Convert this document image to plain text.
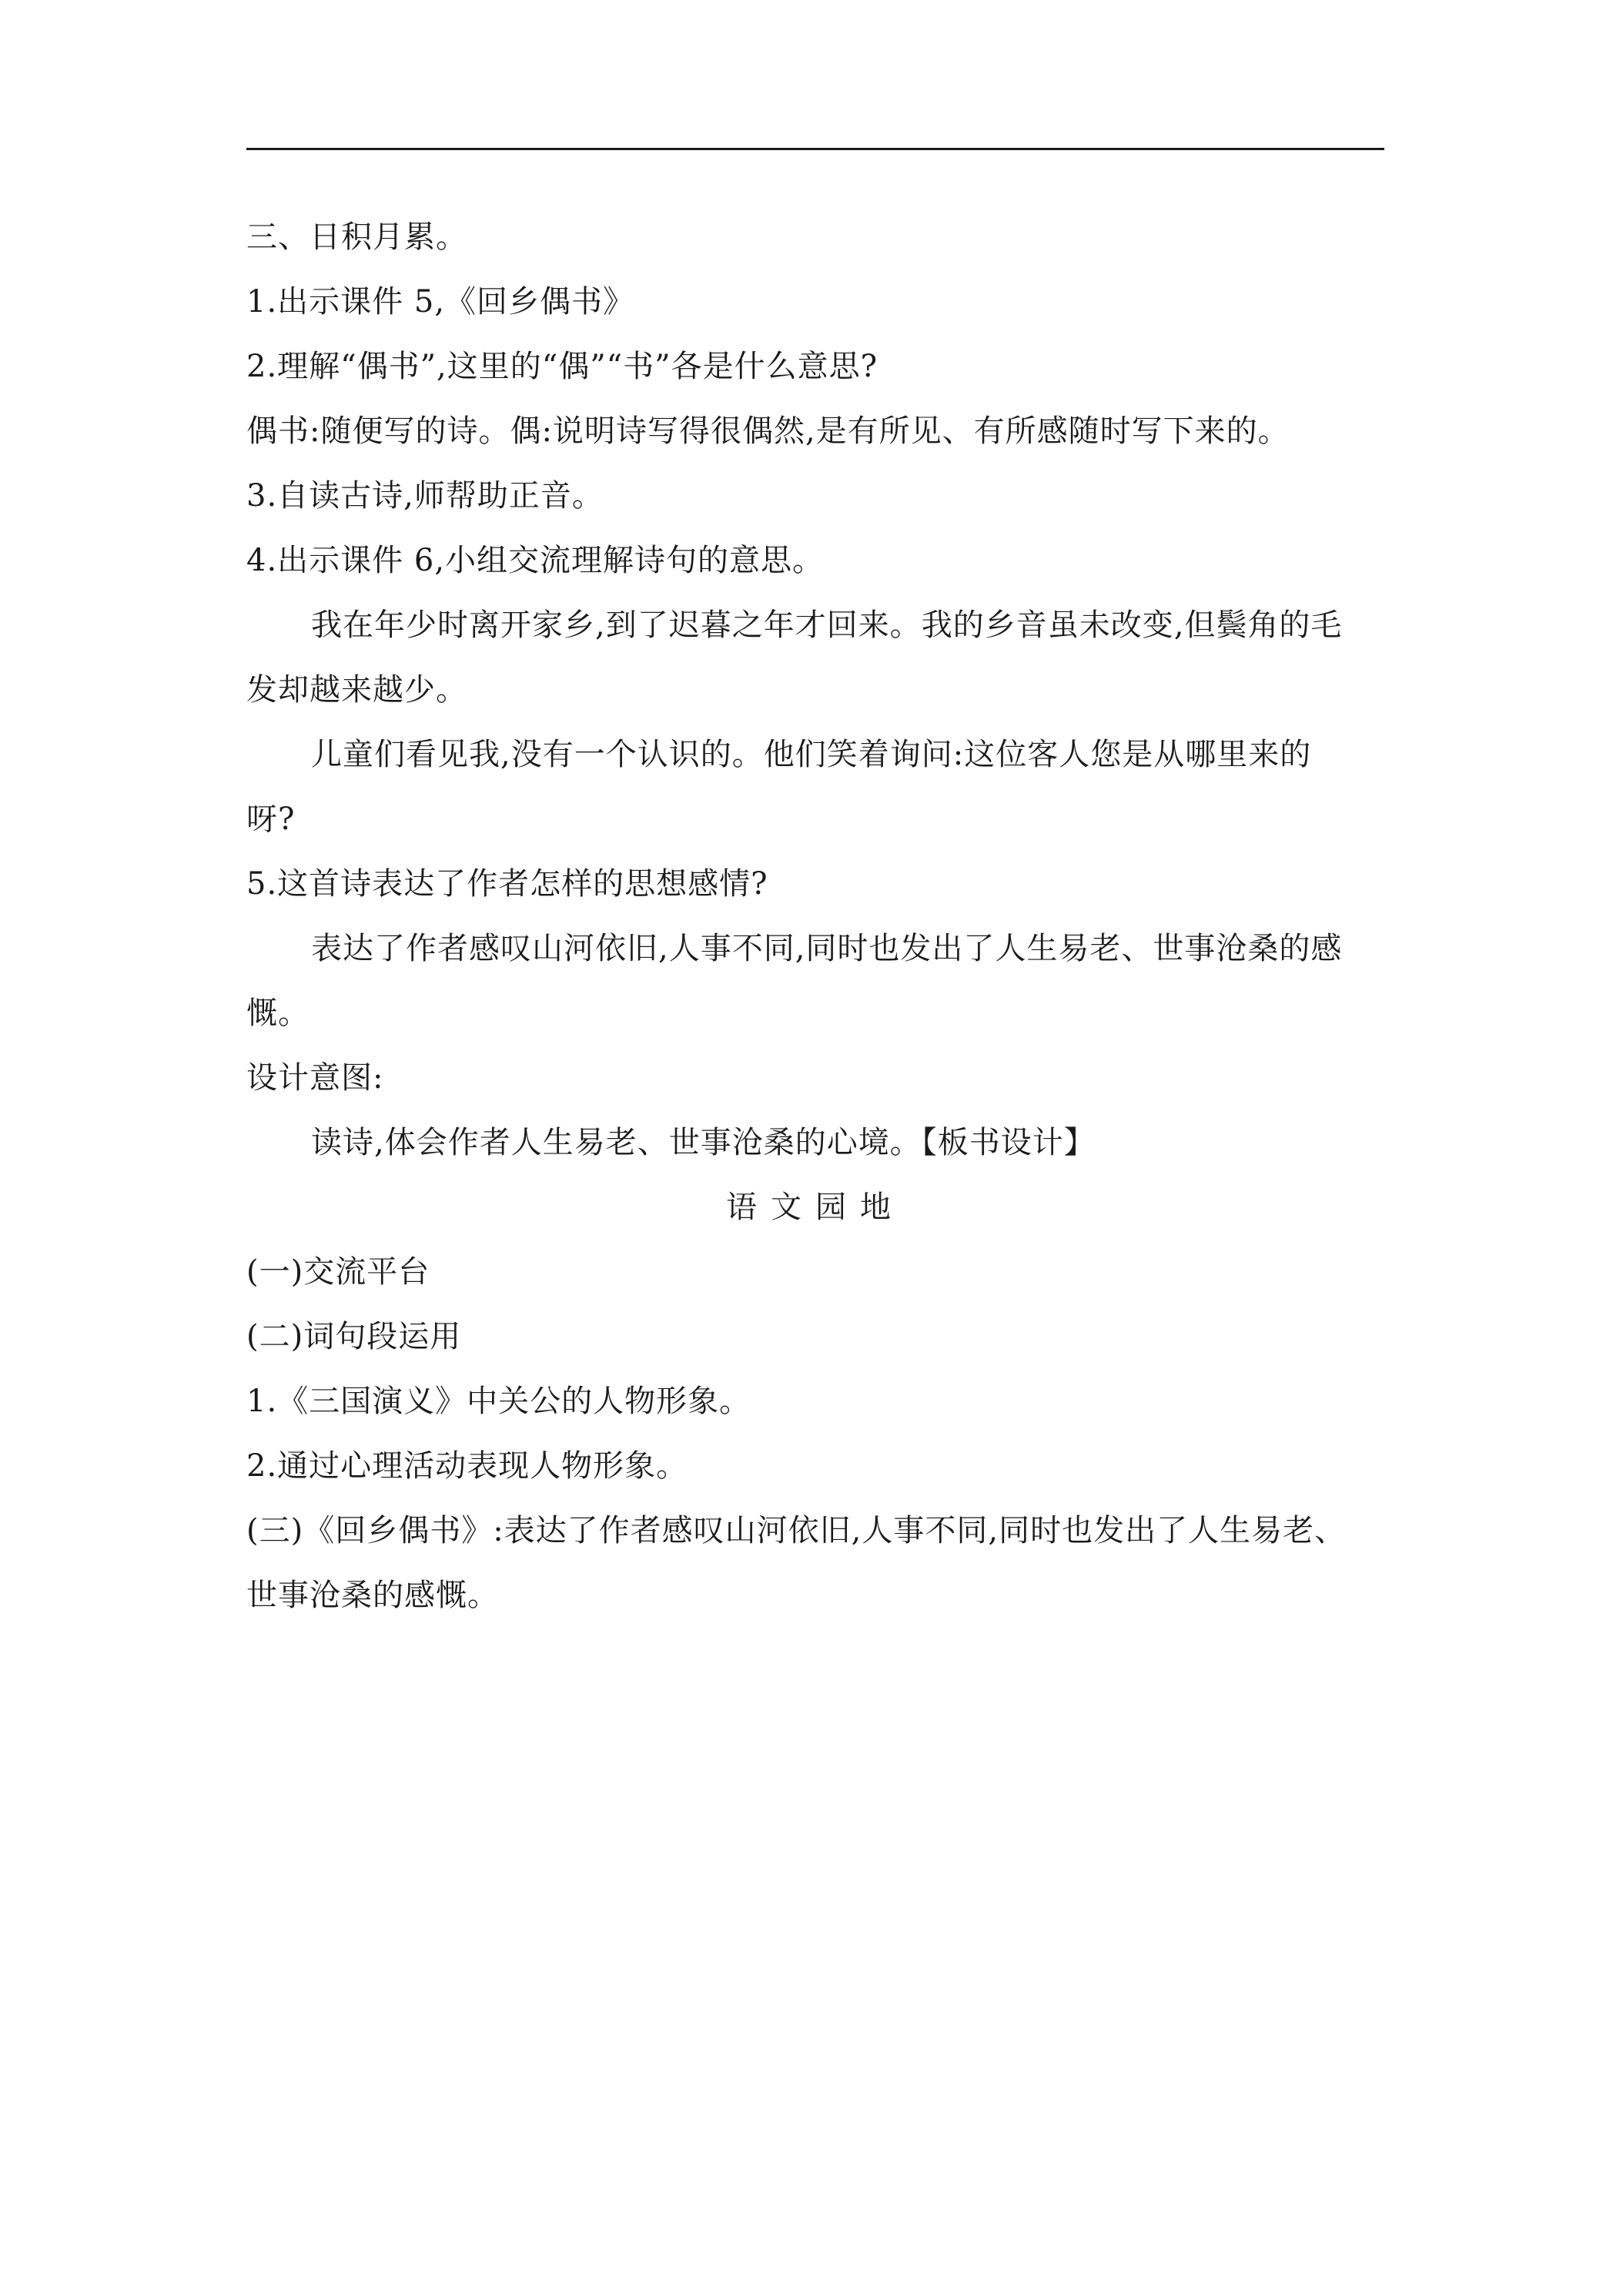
三、日积月累。
1.出示课件 5,《回乡偶书》
2.理解“偶书”,这里的“偶”“书”各是什么意思?
偶书:随便写的诗。偶:说明诗写得很偶然,是有所见、有所感随时写下来的。
3.自读古诗,师帮助正音。
4.出示课件 6,小组交流理解诗句的意思。
我在年少时离开家乡,到了迟暮之年才回来。我的乡音虽未改变,但鬓角的毛
发却越来越少。
儿童们看见我,没有一个认识的。他们笑着询问:这位客人您是从哪里来的
呀?
5.这首诗表达了作者怎样的思想感情?
表达了作者感叹山河依旧,人事不同,同时也发出了人生易老、世事沧桑的感
慨。
设计意图:
读诗,体会作者人生易老、世事沧桑的心境。【板书设计】
语文园地
(一)交流平台
(二)词句段运用
1.《三国演义》中关公的人物形象。
2.通过心理活动表现人物形象。
(三)《回乡偶书》:表达了作者感叹山河依旧,人事不同,同时也发出了人生易老、
世事沧桑的感慨。
